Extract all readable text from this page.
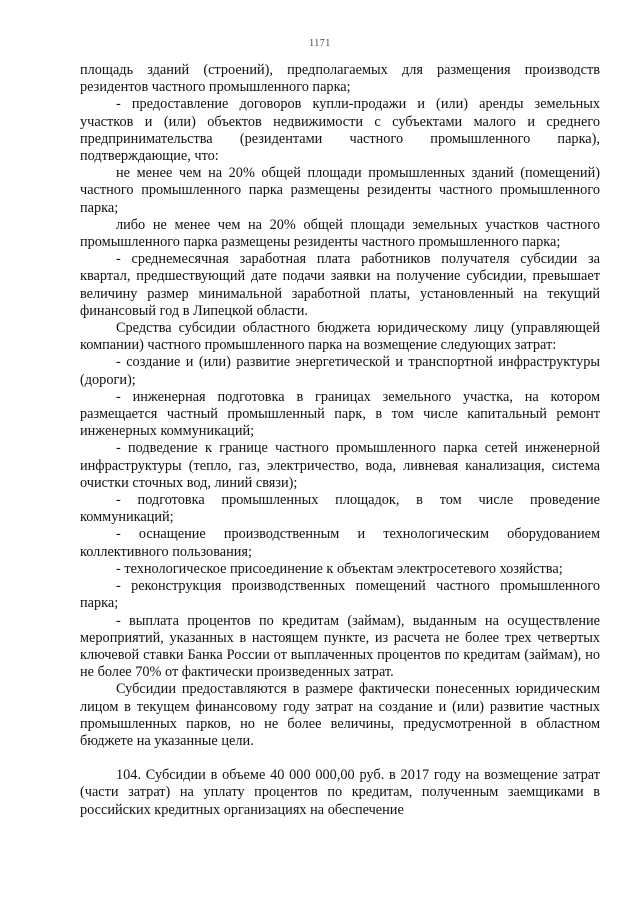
1171

площадь зданий (строений), предполагаемых для размещения производств резидентов частного промышленного парка;

- предоставление договоров купли-продажи и (или) аренды земельных участков и (или) объектов недвижимости с субъектами малого и среднего предпринимательства (резидентами частного промышленного парка), подтверждающие, что:

не менее чем на 20% общей площади промышленных зданий (помещений) частного промышленного парка размещены резиденты частного промышленного парка;

либо не менее чем на 20% общей площади земельных участков частного промышленного парка размещены резиденты частного промышленного парка;

- среднемесячная заработная плата работников получателя субсидии за квартал, предшествующий дате подачи заявки на получение субсидии, превышает величину размер минимальной заработной платы, установленный на текущий финансовый год в Липецкой области.

Средства субсидии областного бюджета юридическому лицу (управляющей компании) частного промышленного парка на возмещение следующих затрат:

- создание и (или) развитие энергетической и транспортной инфраструктуры (дороги);

- инженерная подготовка в границах земельного участка, на котором размещается частный промышленный парк, в том числе капитальный ремонт инженерных коммуникаций;

- подведение к границе частного промышленного парка сетей инженерной инфраструктуры (тепло, газ, электричество, вода, ливневая канализация, система очистки сточных вод, линий связи);

- подготовка промышленных площадок, в том числе проведение коммуникаций;

- оснащение производственным и технологическим оборудованием коллективного пользования;

- технологическое присоединение к объектам электросетевого хозяйства;

- реконструкция производственных помещений частного промышленного парка;

- выплата процентов по кредитам (займам), выданным на осуществление мероприятий, указанных в настоящем пункте, из расчета не более трех четвертых ключевой ставки Банка России от выплаченных процентов по кредитам (займам), но не более 70% от фактически произведенных затрат.

Субсидии предоставляются в размере фактически понесенных юридическим лицом в текущем финансовому году затрат на создание и (или) развитие частных промышленных парков, но не более величины, предусмотренной в областном бюджете на указанные цели.

104. Субсидии в объеме 40 000 000,00 руб. в 2017 году на возмещение затрат (части затрат) на уплату процентов по кредитам, полученным заемщиками в российских кредитных организациях на обеспечение
